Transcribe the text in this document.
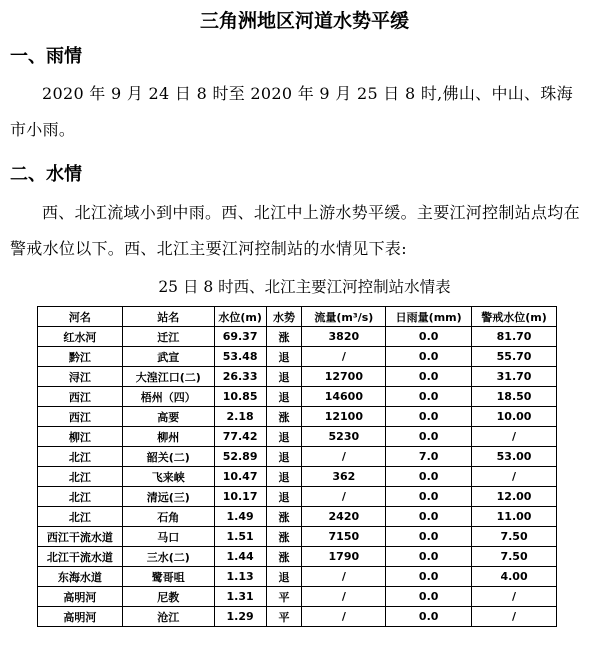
三角洲地区河道水势平缓
一、雨情
2020 年 9 月 24 日 8 时至 2020 年 9 月 25 日 8 时,佛山、中山、珠海市小雨。
二、水情
西、北江流域小到中雨。西、北江中上游水势平缓。主要江河控制站点均在警戒水位以下。西、北江主要江河控制站的水情见下表:
25 日 8 时西、北江主要江河控制站水情表
河名	站名	水位(m)	水势	流量(m³/s)	日雨量(mm)	警戒水位(m)
红水河	迁江	69.37	涨	3820	0.0	81.70
黔江	武宣	53.48	退	/	0.0	55.70
浔江	大湟江口(二)	26.33	退	12700	0.0	31.70
西江	梧州（四）	10.85	退	14600	0.0	18.50
西江	高要	2.18	涨	12100	0.0	10.00
柳江	柳州	77.42	退	5230	0.0	/
北江	韶关(二)	52.89	退	/	7.0	53.00
北江	飞来峡	10.47	退	362	0.0	/
北江	清远(三)	10.17	退	/	0.0	12.00
北江	石角	1.49	涨	2420	0.0	11.00
西江干流水道	马口	1.51	涨	7150	0.0	7.50
北江干流水道	三水(二)	1.44	涨	1790	0.0	7.50
东海水道	鹭哥咀	1.13	退	/	0.0	4.00
高明河	尼教	1.31	平	/	0.0	/
高明河	沧江	1.29	平	/	0.0	/
